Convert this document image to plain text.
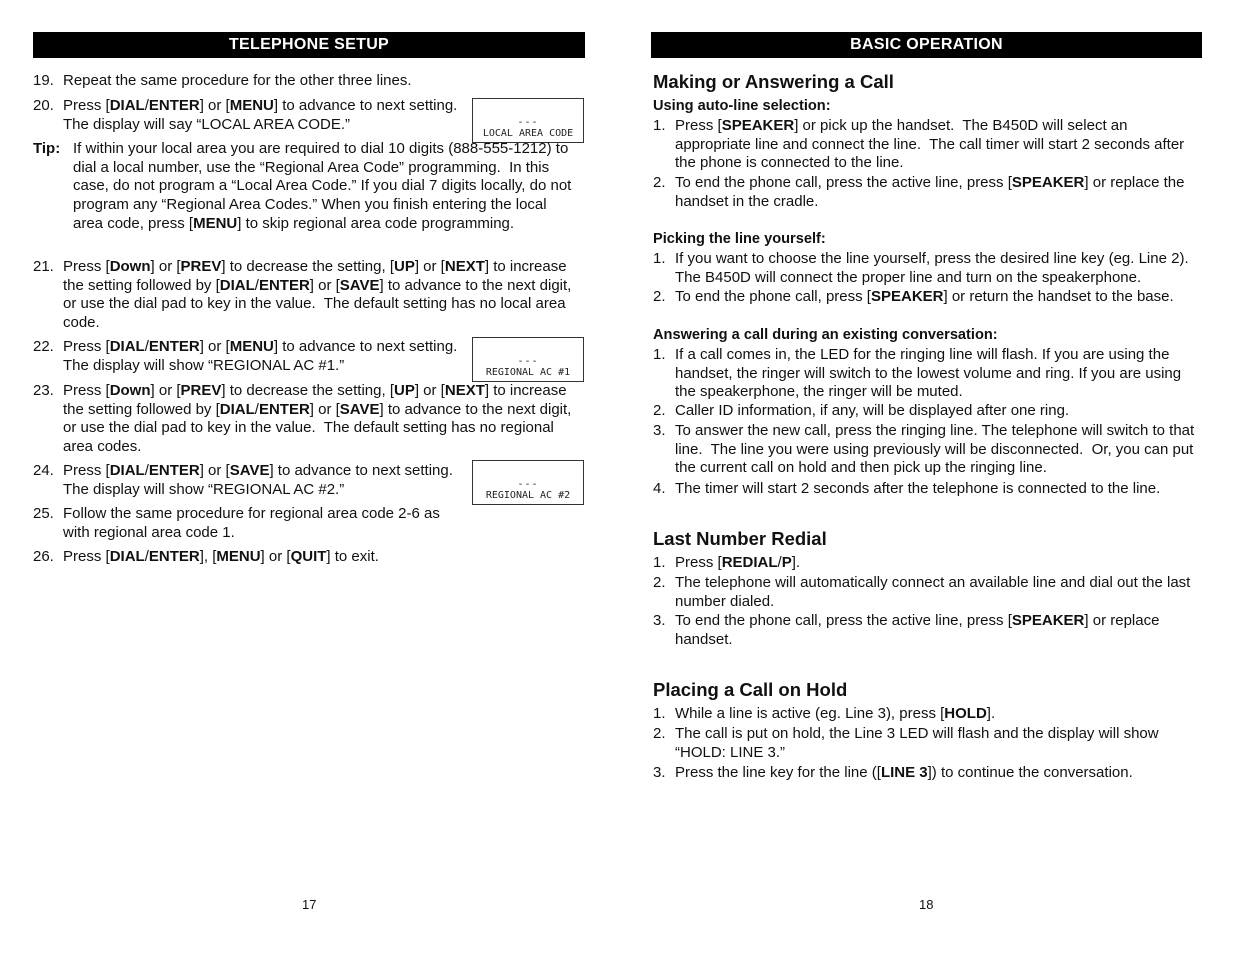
TELEPHONE SETUP
19. Repeat the same procedure for the other three lines.
20. Press [DIAL/ENTER] or [MENU] to advance to next setting.  The display will say “LOCAL AREA CODE.”	---
LOCAL AREA CODE
Tip: If within your local area you are required to dial 10 digits (888-555-1212) to dial a local number, use the “Regional Area Code” programming.  In this case, do not program a “Local Area Code.” If you dial 7 digits locally, do not program any “Regional Area Codes.” When you finish entering the local area code, press [MENU] to skip regional area code programming.
21. Press [Down] or [PREV] to decrease the setting, [UP] or [NEXT] to increase the setting followed by [DIAL/ENTER] or [SAVE] to advance to the next digit, or use the dial pad to key in the value.  The default setting has no local area code.
22. Press [DIAL/ENTER] or [MENU] to advance to next setting.  The display will show “REGIONAL AC #1.”	---
REGIONAL AC #1
23. Press [Down] or [PREV] to decrease the setting, [UP] or [NEXT] to increase the setting followed by [DIAL/ENTER] or [SAVE] to advance to the next digit, or use the dial pad to key in the value.  The default setting has no regional area codes.
24. Press [DIAL/ENTER] or [SAVE] to advance to next setting.  The display will show “REGIONAL AC #2.”	---
REGIONAL AC #2
25. Follow the same procedure for regional area code 2-6 as with regional area code 1.
26. Press [DIAL/ENTER], [MENU] or [QUIT] to exit.
17
BASIC OPERATION
Making or Answering a Call
Using auto-line selection:
1. Press [SPEAKER] or pick up the handset.  The B450D will select an appropriate line and connect the line.  The call timer will start 2 seconds after the phone is connected to the line.
2. To end the phone call, press the active line, press [SPEAKER] or replace the handset in the cradle.
Picking the line yourself:
1. If you want to choose the line yourself, press the desired line key (eg. Line 2).  The B450D will connect the proper line and turn on the speakerphone.
2. To end the phone call, press [SPEAKER] or return the handset to the base.
Answering a call during an existing conversation:
1. If a call comes in, the LED for the ringing line will flash. If you are using the handset, the ringer will switch to the lowest volume and ring. If you are using the speakerphone, the ringer will be muted.
2. Caller ID information, if any, will be displayed after one ring.
3. To answer the new call, press the ringing line. The telephone will switch to that line.  The line you were using previously will be disconnected.  Or, you can put the current call on hold and then pick up the ringing line.
4. The timer will start 2 seconds after the telephone is connected to the line.
Last Number Redial
1. Press [REDIAL/P].
2. The telephone will automatically connect an available line and dial out the last number dialed.
3. To end the phone call, press the active line, press [SPEAKER] or replace handset.
Placing a Call on Hold
1. While a line is active (eg. Line 3), press [HOLD].
2. The call is put on hold, the Line 3 LED will flash and the display will show “HOLD: LINE 3.”
3. Press the line key for the line ([LINE 3]) to continue the conversation.
18
